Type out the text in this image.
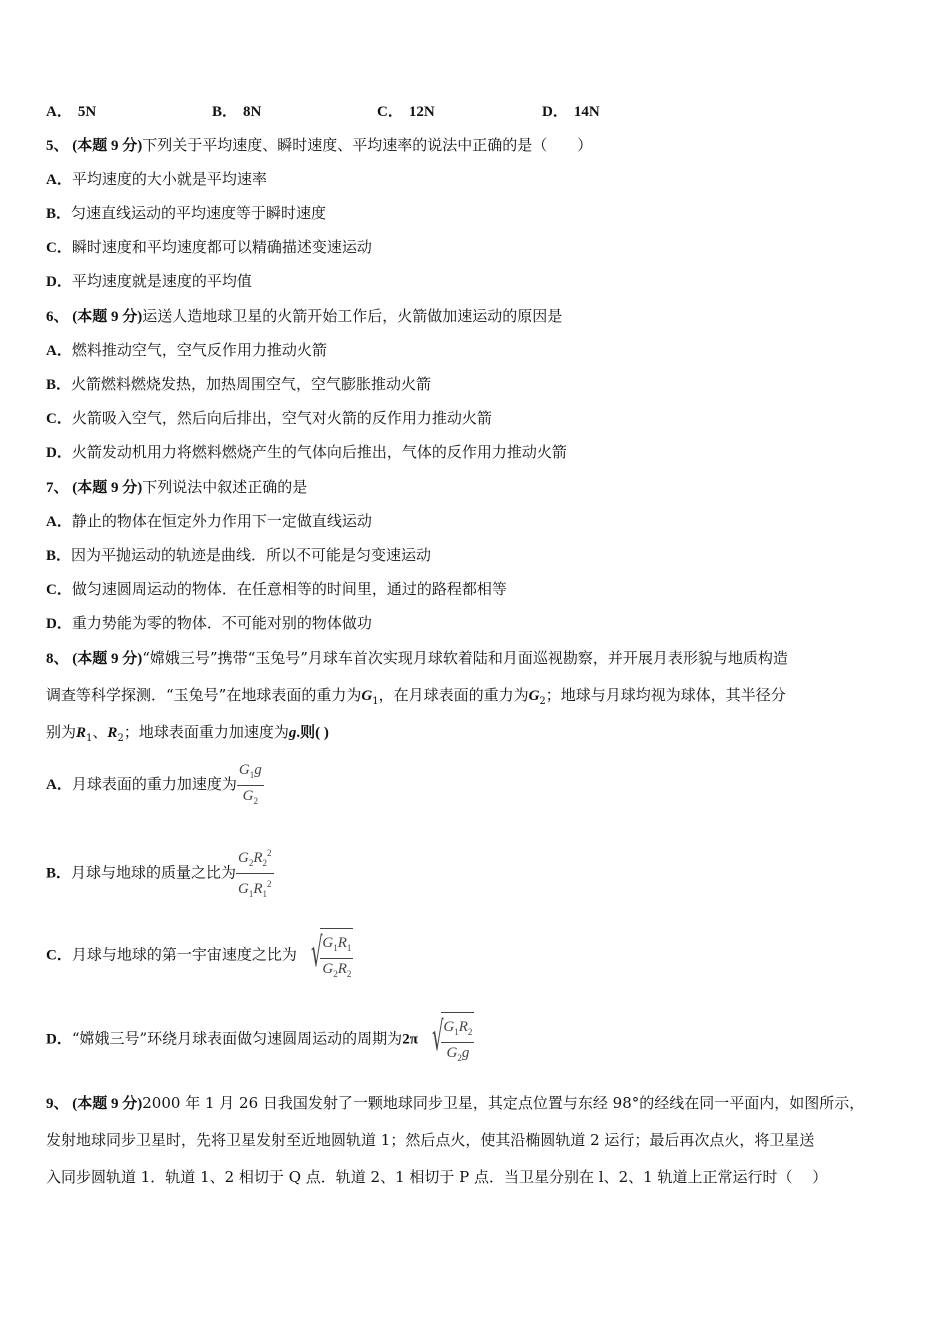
A． 5N	B． 8N	C． 12N	D． 14N
5、 (本题 9 分)下列关于平均速度、瞬时速度、平均速率的说法中正确的是（　　）
A．平均速度的大小就是平均速率
B．匀速直线运动的平均速度等于瞬时速度
C．瞬时速度和平均速度都可以精确描述变速运动
D．平均速度就是速度的平均值
6、 (本题 9 分)运送人造地球卫星的火箭开始工作后，火箭做加速运动的原因是
A．燃料推动空气，空气反作用力推动火箭
B．火箭燃料燃烧发热，加热周围空气，空气膨胀推动火箭
C．火箭吸入空气，然后向后排出，空气对火箭的反作用力推动火箭
D．火箭发动机用力将燃料燃烧产生的气体向后推出，气体的反作用力推动火箭
7、 (本题 9 分)下列说法中叙述正确的是
A．静止的物体在恒定外力作用下一定做直线运动
B．因为平抛运动的轨迹是曲线．所以不可能是匀变速运动
C．做匀速圆周运动的物体．在任意相等的时间里，通过的路程都相等
D．重力势能为零的物体．不可能对别的物体做功
8、 (本题 9 分)“嫦娥三号”携带“玉兔号”月球车首次实现月球软着陆和月面巡视勘察，并开展月表形貌与地质构造
调查等科学探测．“玉兔号”在地球表面的重力为$G_1$，在月球表面的重力为$G_2$；地球与月球均视为球体，其半径分
别为$R_1$、$R_2$；地球表面重力加速度为g.则( )
A．月球表面的重力加速度为 $\frac{G_1g}{G_2}$
B．月球与地球的质量之比为 $\frac{G_2R_2^2}{G_1R_1^2}$
C．月球与地球的第一宇宙速度之比为 √
$\frac{G_1R_1}{G_2R_2}$
D．“嫦娥三号”环绕月球表面做匀速圆周运动的周期为2π √
$\frac{G_1R_2}{G_2g}$
9、 (本题 9 分)2000 年 1 月 26 日我国发射了一颗地球同步卫星，其定点位置与东经 98°的经线在同一平面内，如图所示，
发射地球同步卫星时，先将卫星发射至近地圆轨道 1；然后点火，使其沿椭圆轨道 2 运行；最后再次点火，将卫星送
入同步圆轨道 1．轨道 1、2 相切于 Q 点．轨道 2、1 相切于 P 点．当卫星分别在 l、2、1 轨道上正常运行时（　 ）
